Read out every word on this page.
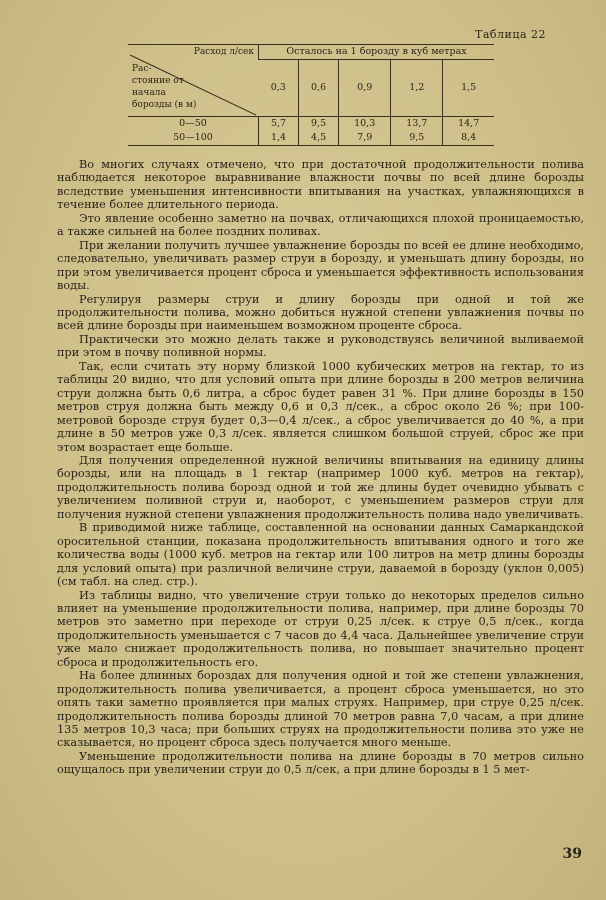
Таблица 22
Расход л/сек
Рас-
стояние от
начала
борозды (в м)	Осталось на 1 борозду в куб метрах				
	0,3	0,6	0,9	1,2	1,5
0—50	5,7	9,5	10,3	13,7	14,7
50—100	1,4	4,5	7,9	9,5	8,4

Во многих случаях отмечено, что при достаточной продолжительности полива наблюдается некоторое выравнивание влажности почвы по всей длине борозды вследствие уменьшения интенсивности впитывания на участках, увлажняющихся в течение более длительного периода.

Это явление особенно заметно на почвах, отличающихся плохой проницаемостью, а также сильней на более поздних поливах.

При желании получить лучшее увлажнение борозды по всей ее длине необходимо, следовательно, увеличивать размер струи в борозду, и уменьшать длину борозды, но при этом увеличивается процент сброса и уменьшается эффективность использования воды.

Регулируя размеры струи и длину борозды при одной и той же продолжительности полива, можно добиться нужной степени увлажнения почвы по всей длине борозды при наименьшем возможном проценте сброса.

Практически это можно делать также и руководствуясь величиной выливаемой при этом в почву поливной нормы.

Так, если считать эту норму близкой 1000 кубических метров на гектар, то из таблицы 20 видно, что для условий опыта при длине борозды в 200 метров величина струи должна быть 0,6 литра, а сброс будет равен 31 %. При длине борозды в 150 метров струя должна быть между 0,6 и 0,3 л/сек., а сброс около 26 %; при 100-метровой борозде струя будет 0,3—0,4 л/сек., а сброс увеличивается до 40 %, а при длине в 50 метров уже 0,3 л/сек. является слишком большой струей, сброс же при этом возрастает еще больше.

Для получения определенной нужной величины впитывания на единицу длины борозды, или на площадь в 1 гектар (например 1000 куб. метров на гектар), продолжительность полива борозд одной и той же длины будет очевидно убывать с увеличением поливной струи и, наоборот, с уменьшением размеров струи для получения нужной степени увлажнения продолжительность полива надо увеличивать.

В приводимой ниже таблице, составленной на основании данных Самаркандской оросительной станции, показана продолжительность впитывания одного и того же количества воды (1000 куб. метров на гектар или 100 литров на метр длины борозды для условий опыта) при различной величине струи, даваемой в борозду (уклон 0,005) (см табл. на след. стр.).

Из таблицы видно, что увеличение струи только до некоторых пределов сильно влияет на уменьшение продолжительности полива, например, при длине борозды 70 метров это заметно при переходе от струи 0,25 л/сек. к струе 0,5 л/сек., когда продолжительность уменьшается с 7 часов до 4,4 часа. Дальнейшее увеличение струи уже мало снижает продолжительность полива, но повышает значительно процент сброса и продолжительность его.

На более длинных бороздах для получения одной и той же степени увлажнения, продолжительность полива увеличивается, а процент сброса уменьшается, но это опять таки заметно проявляется при малых струях. Например, при струе 0,25 л/сек. продолжительность полива борозды длиной 70 метров равна 7,0 часам, а при длине 135 метров 10,3 часа; при больших струях на продолжительности полива это уже не сказывается, но процент сброса здесь получается много меньше.

Уменьшение продолжительности полива на длине борозды в 70 метров сильно ощущалось при увеличении струи до 0,5 л/сек, а при длине борозды в 1 5 мет-

39
